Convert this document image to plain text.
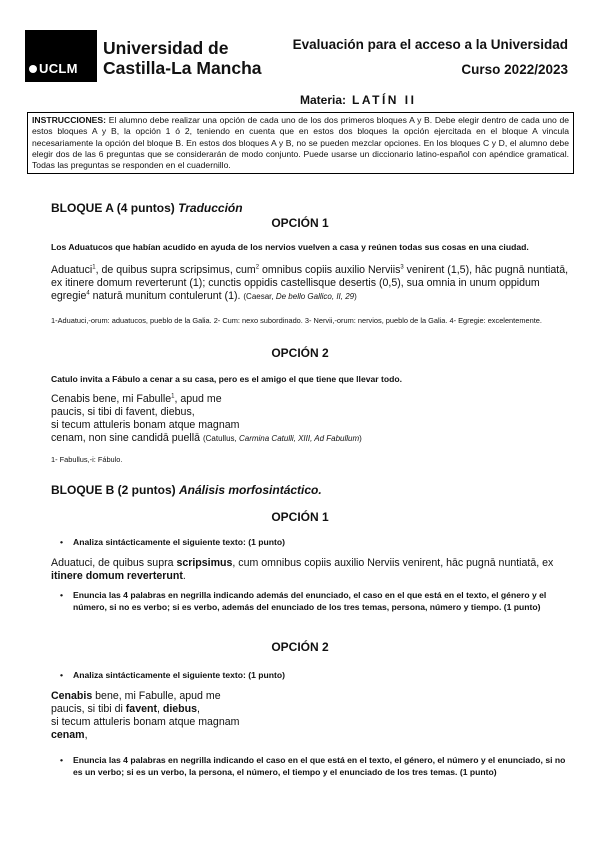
UCLM
Universidad de
Castilla-La Mancha
Evaluación para el acceso a la Universidad
Curso 2022/2023
Materia: LATÍN II
INSTRUCCIONES: El alumno debe realizar una opción de cada uno de los dos primeros bloques A y B. Debe elegir dentro de cada uno de estos bloques A y B, la opción 1 ó 2, teniendo en cuenta que en estos dos bloques la opción ejercitada en el bloque A vincula necesariamente la opción del bloque B. En estos dos bloques A y B, no se pueden mezclar opciones. En los bloques C y D, el alumno debe elegir dos de las 6 preguntas que se considerarán de modo conjunto. Puede usarse un diccionario latino-español con apéndice gramatical. Todas las preguntas se responden en el cuadernillo.
BLOQUE A (4 puntos) Traducción
OPCIÓN 1
Los Aduatucos que habían acudido en ayuda de los nervios vuelven a casa y reúnen todas sus cosas en una ciudad.
Aduatuci$^1$, de quibus supra scripsimus, cum$^2$ omnibus copiis auxilio Nerviis$^3$ venirent (1,5), hāc pugnā nuntiatā, ex itinere domum reverterunt (1); cunctis oppidis castellisque desertis (0,5), sua omnia in unum oppidum egregie$^4$ naturā munitum contulerunt (1). (Caesar, De bello Gallico, II, 29)
1-Aduatuci,-orum: aduatucos, pueblo de la Galia. 2- Cum: nexo subordinado. 3- Nervii,-orum: nervios, pueblo de la Galia. 4- Egregie: excelentemente.
OPCIÓN 2
Catulo invita a Fábulo a cenar a su casa, pero es el amigo el que tiene que llevar todo.
Cenabis bene, mi Fabulle$^1$, apud me
paucis, si tibi di favent, diebus,
si tecum attuleris bonam atque magnam
cenam, non sine candidā puellā (Catullus, Carmina Catulli, XIII, Ad Fabullum)
1- Fabullus,-i: Fábulo.
BLOQUE B (2 puntos) Análisis morfosintáctico.
OPCIÓN 1
• Analiza sintácticamente el siguiente texto: (1 punto)
Aduatuci, de quibus supra scripsimus, cum omnibus copiis auxilio Nerviis venirent, hāc pugnā nuntiatā, ex itinere domum reverterunt.
• Enuncia las 4 palabras en negrilla indicando además del enunciado, el caso en el que está en el texto, el género y el número, si no es verbo; si es verbo, además del enunciado de los tres temas, persona, número y tiempo. (1 punto)
OPCIÓN 2
• Analiza sintácticamente el siguiente texto: (1 punto)
Cenabis bene, mi Fabulle, apud me
paucis, si tibi di favent, diebus,
si tecum attuleris bonam atque magnam
cenam,
• Enuncia las 4 palabras en negrilla indicando el caso en el que está en el texto, el género, el número y el enunciado, si no es un verbo; si es un verbo, la persona, el número, el tiempo y el enunciado de los tres temas. (1 punto)
